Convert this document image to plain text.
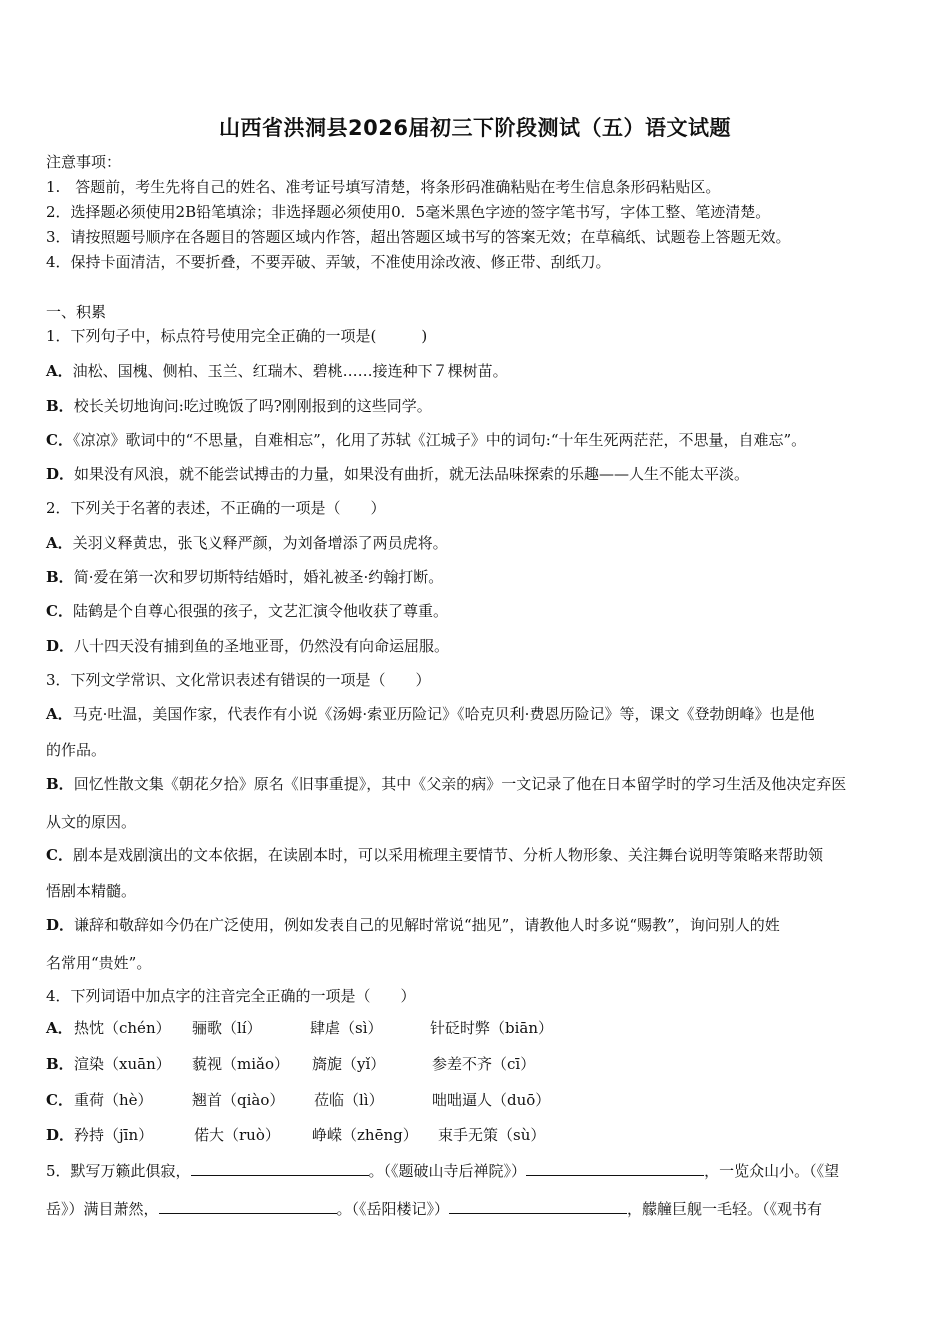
山西省洪洞县2026届初三下阶段测试（五）语文试题
注意事项：
1.　答题前，考生先将自己的姓名、准考证号填写清楚，将条形码准确粘贴在考生信息条形码粘贴区。
2．选择题必须使用2B铅笔填涂；非选择题必须使用0．5毫米黑色字迹的签字笔书写，字体工整、笔迹清楚。
3．请按照题号顺序在各题目的答题区域内作答，超出答题区域书写的答案无效；在草稿纸、试题卷上答题无效。
4．保持卡面清洁，不要折叠，不要弄破、弄皱，不准使用涂改液、修正带、刮纸刀。
一、积累
1．下列句子中，标点符号使用完全正确的一项是(　　　)
A．油松、国槐、侧柏、玉兰、红瑞木、碧桃……接连种下７棵树苗。
B．校长关切地询问:吃过晚饭了吗?刚刚报到的这些同学。
C．《凉凉》歌词中的“不思量，自难相忘”，化用了苏轼《江城子》中的词句:“十年生死两茫茫，不思量，自难忘”。
D．如果没有风浪，就不能尝试搏击的力量，如果没有曲折，就无法品味探索的乐趣——人生不能太平淡。
2．下列关于名著的表述，不正确的一项是（　　）
A．关羽义释黄忠，张飞义释严颜，为刘备增添了两员虎将。
B．简·爱在第一次和罗切斯特结婚时，婚礼被圣·约翰打断。
C．陆鹤是个自尊心很强的孩子，文艺汇演令他收获了尊重。
D．八十四天没有捕到鱼的圣地亚哥，仍然没有向命运屈服。
3．下列文学常识、文化常识表述有错误的一项是（　　）
A．马克·吐温，美国作家，代表作有小说《汤姆·索亚历险记》《哈克贝利·费恩历险记》等，课文《登勃朗峰》也是他
的作品。
B．回忆性散文集《朝花夕拾》原名《旧事重提》，其中《父亲的病》一文记录了他在日本留学时的学习生活及他决定弃医
从文的原因。
C．剧本是戏剧演出的文本依据，在读剧本时，可以采用梳理主要情节、分析人物形象、关注舞台说明等策略来帮助领
悟剧本精髓。
D．谦辞和敬辞如今仍在广泛使用，例如发表自己的见解时常说“拙见”，请教他人时多说“赐教”，询问别人的姓
名常用“贵姓”。
4．下列词语中加点字的注音完全正确的一项是（　　）
A． 热忱（chén） 骊歌（lí）	肆虐（sì）	针砭时弊（biān）
B． 渲染（xuān） 藐视（miǎo） 旖旎（yǐ）	参差不齐（cī）
C． 重荷（hè）	翘首（qiào） 莅临（lì）	咄咄逼人（duō）
D． 矜持（jīn）	偌大（ruò） 峥嵘（zhēng） 束手无策（sù）
5．默写万籁此俱寂，	。（《题破山寺后禅院》）	，一览众山小。（《望
岳》）满目萧然，	。（《岳阳楼记》）	，艨艟巨舰一毛轻。（《观书有
